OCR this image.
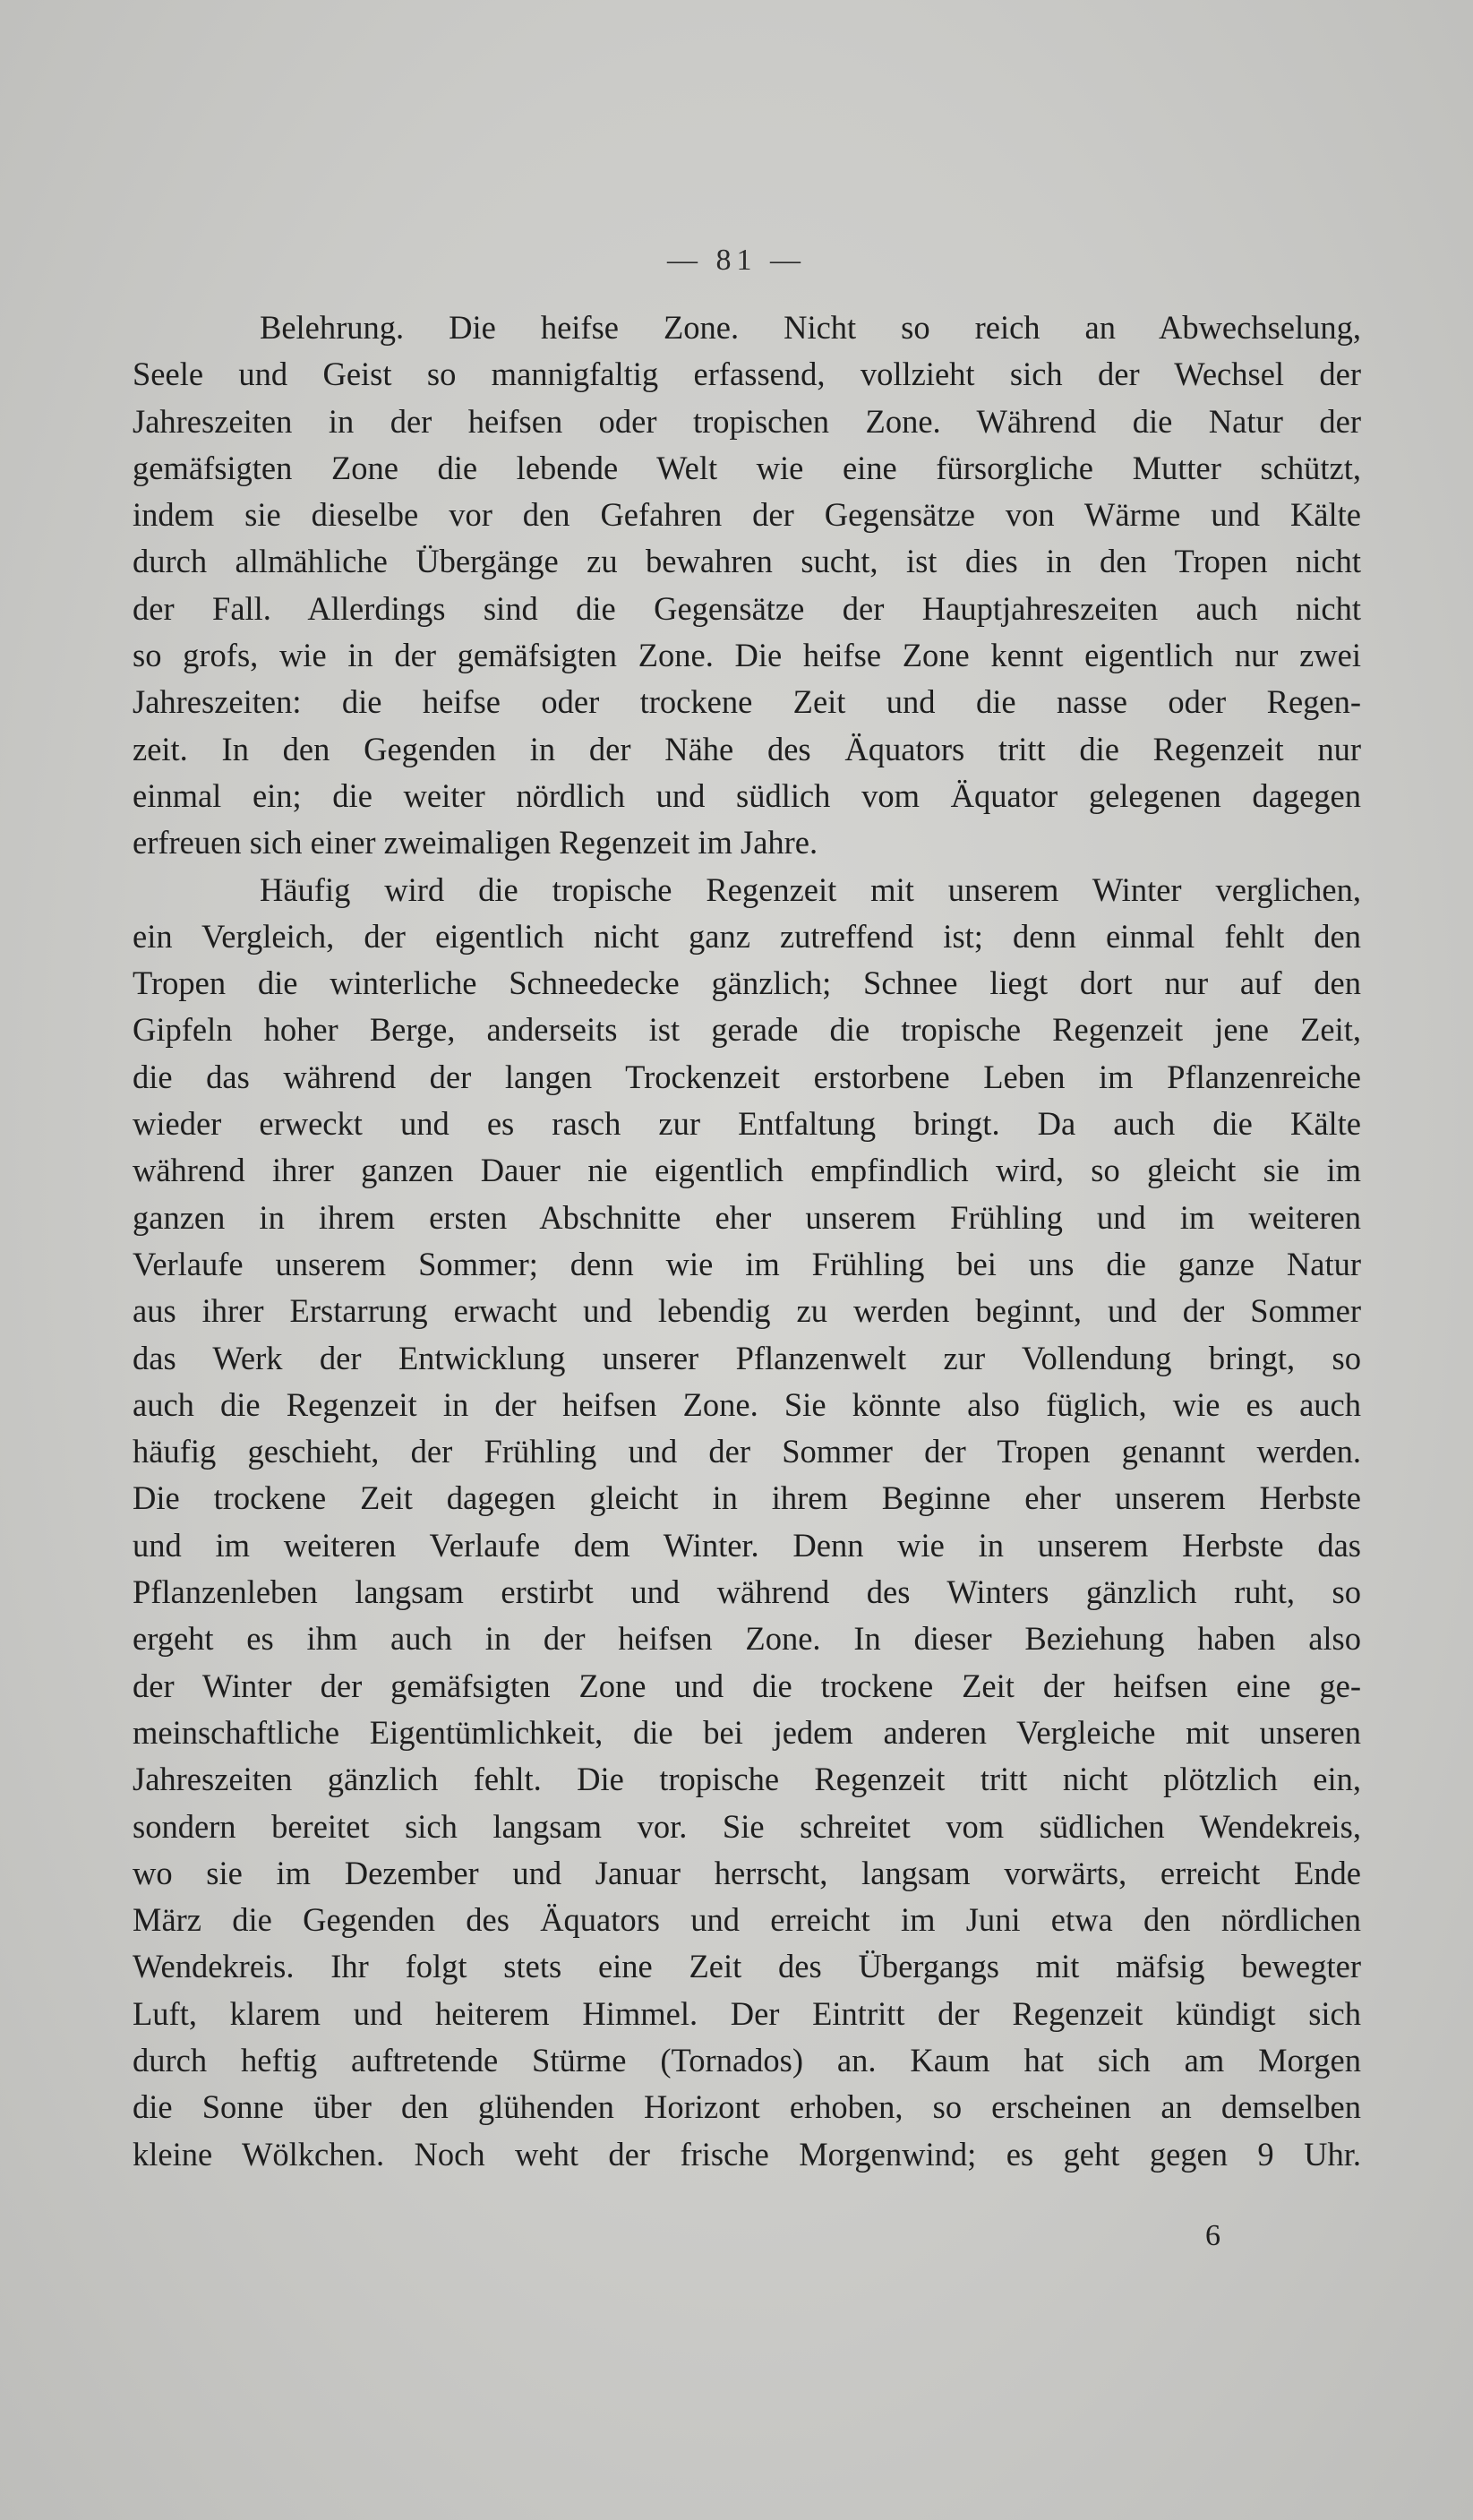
— 81 —
Belehrung. Die heifse Zone. Nicht so reich an Abwechselung,
Seele und Geist so mannigfaltig erfassend, vollzieht sich der Wechsel der
Jahreszeiten in der heifsen oder tropischen Zone. Während die Natur der
gemäfsigten Zone die lebende Welt wie eine fürsorgliche Mutter schützt,
indem sie dieselbe vor den Gefahren der Gegensätze von Wärme und Kälte
durch allmähliche Übergänge zu bewahren sucht, ist dies in den Tropen nicht
der Fall. Allerdings sind die Gegensätze der Hauptjahreszeiten auch nicht
so grofs, wie in der gemäfsigten Zone. Die heifse Zone kennt eigentlich nur zwei
Jahreszeiten: die heifse oder trockene Zeit und die nasse oder Regen-
zeit. In den Gegenden in der Nähe des Äquators tritt die Regenzeit nur
einmal ein; die weiter nördlich und südlich vom Äquator gelegenen dagegen
erfreuen sich einer zweimaligen Regenzeit im Jahre.
Häufig wird die tropische Regenzeit mit unserem Winter verglichen,
ein Vergleich, der eigentlich nicht ganz zutreffend ist; denn einmal fehlt den
Tropen die winterliche Schneedecke gänzlich; Schnee liegt dort nur auf den
Gipfeln hoher Berge, anderseits ist gerade die tropische Regenzeit jene Zeit,
die das während der langen Trockenzeit erstorbene Leben im Pflanzenreiche
wieder erweckt und es rasch zur Entfaltung bringt. Da auch die Kälte
während ihrer ganzen Dauer nie eigentlich empfindlich wird, so gleicht sie im
ganzen in ihrem ersten Abschnitte eher unserem Frühling und im weiteren
Verlaufe unserem Sommer; denn wie im Frühling bei uns die ganze Natur
aus ihrer Erstarrung erwacht und lebendig zu werden beginnt, und der Sommer
das Werk der Entwicklung unserer Pflanzenwelt zur Vollendung bringt, so
auch die Regenzeit in der heifsen Zone. Sie könnte also füglich, wie es auch
häufig geschieht, der Frühling und der Sommer der Tropen genannt werden.
Die trockene Zeit dagegen gleicht in ihrem Beginne eher unserem Herbste
und im weiteren Verlaufe dem Winter. Denn wie in unserem Herbste das
Pflanzenleben langsam erstirbt und während des Winters gänzlich ruht, so
ergeht es ihm auch in der heifsen Zone. In dieser Beziehung haben also
der Winter der gemäfsigten Zone und die trockene Zeit der heifsen eine ge-
meinschaftliche Eigentümlichkeit, die bei jedem anderen Vergleiche mit unseren
Jahreszeiten gänzlich fehlt. Die tropische Regenzeit tritt nicht plötzlich ein,
sondern bereitet sich langsam vor. Sie schreitet vom südlichen Wendekreis,
wo sie im Dezember und Januar herrscht, langsam vorwärts, erreicht Ende
März die Gegenden des Äquators und erreicht im Juni etwa den nördlichen
Wendekreis. Ihr folgt stets eine Zeit des Übergangs mit mäfsig bewegter
Luft, klarem und heiterem Himmel. Der Eintritt der Regenzeit kündigt sich
durch heftig auftretende Stürme (Tornados) an. Kaum hat sich am Morgen
die Sonne über den glühenden Horizont erhoben, so erscheinen an demselben
kleine Wölkchen. Noch weht der frische Morgenwind; es geht gegen 9 Uhr.
6
